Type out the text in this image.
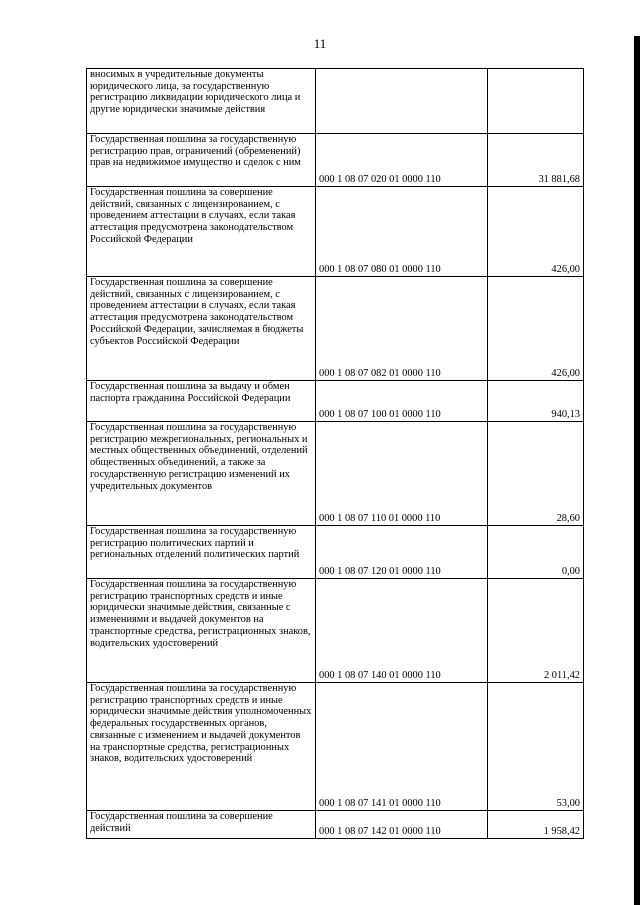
11
вносимых в учредительные документы юридического лица, за государственную регистрацию ликвидации юридического лица и другие юридически значимые действия		
Государственная пошлина за государственную регистрацию прав, ограничений (обременений) прав на недвижимое имущество и сделок с ним	000 1 08 07 020 01 0000 110	31 881,68
Государственная пошлина за совершение действий, связанных с лицензированием, с проведением аттестации в случаях, если такая аттестация предусмотрена законодательством Российской Федерации	000 1 08 07 080 01 0000 110	426,00
Государственная пошлина за совершение действий, связанных с лицензированием, с проведением аттестации в случаях, если такая аттестация предусмотрена законодательством Российской Федерации, зачисляемая в бюджеты субъектов Российской Федерации	000 1 08 07 082 01 0000 110	426,00
Государственная пошлина за выдачу и обмен паспорта гражданина Российской Федерации	000 1 08 07 100 01 0000 110	940,13
Государственная пошлина за государственную регистрацию межрегиональных, региональных и местных общественных объединений, отделений общественных объединений, а также за государственную регистрацию изменений их учредительных документов	000 1 08 07 110 01 0000 110	28,60
Государственная пошлина за государственную регистрацию политических партий и региональных отделений политических партий	000 1 08 07 120 01 0000 110	0,00
Государственная пошлина за государственную регистрацию транспортных средств и иные юридически значимые действия, связанные с изменениями и выдачей документов на транспортные средства, регистрационных знаков, водительских удостоверений	000 1 08 07 140 01 0000 110	2 011,42
Государственная пошлина за государственную регистрацию транспортных средств и иные юридически значимые действия уполномоченных федеральных государственных органов, связанные с изменением и выдачей документов на транспортные средства, регистрационных знаков, водительских удостоверений	000 1 08 07 141 01 0000 110	53,00
Государственная пошлина за совершение действий	000 1 08 07 142 01 0000 110	1 958,42
